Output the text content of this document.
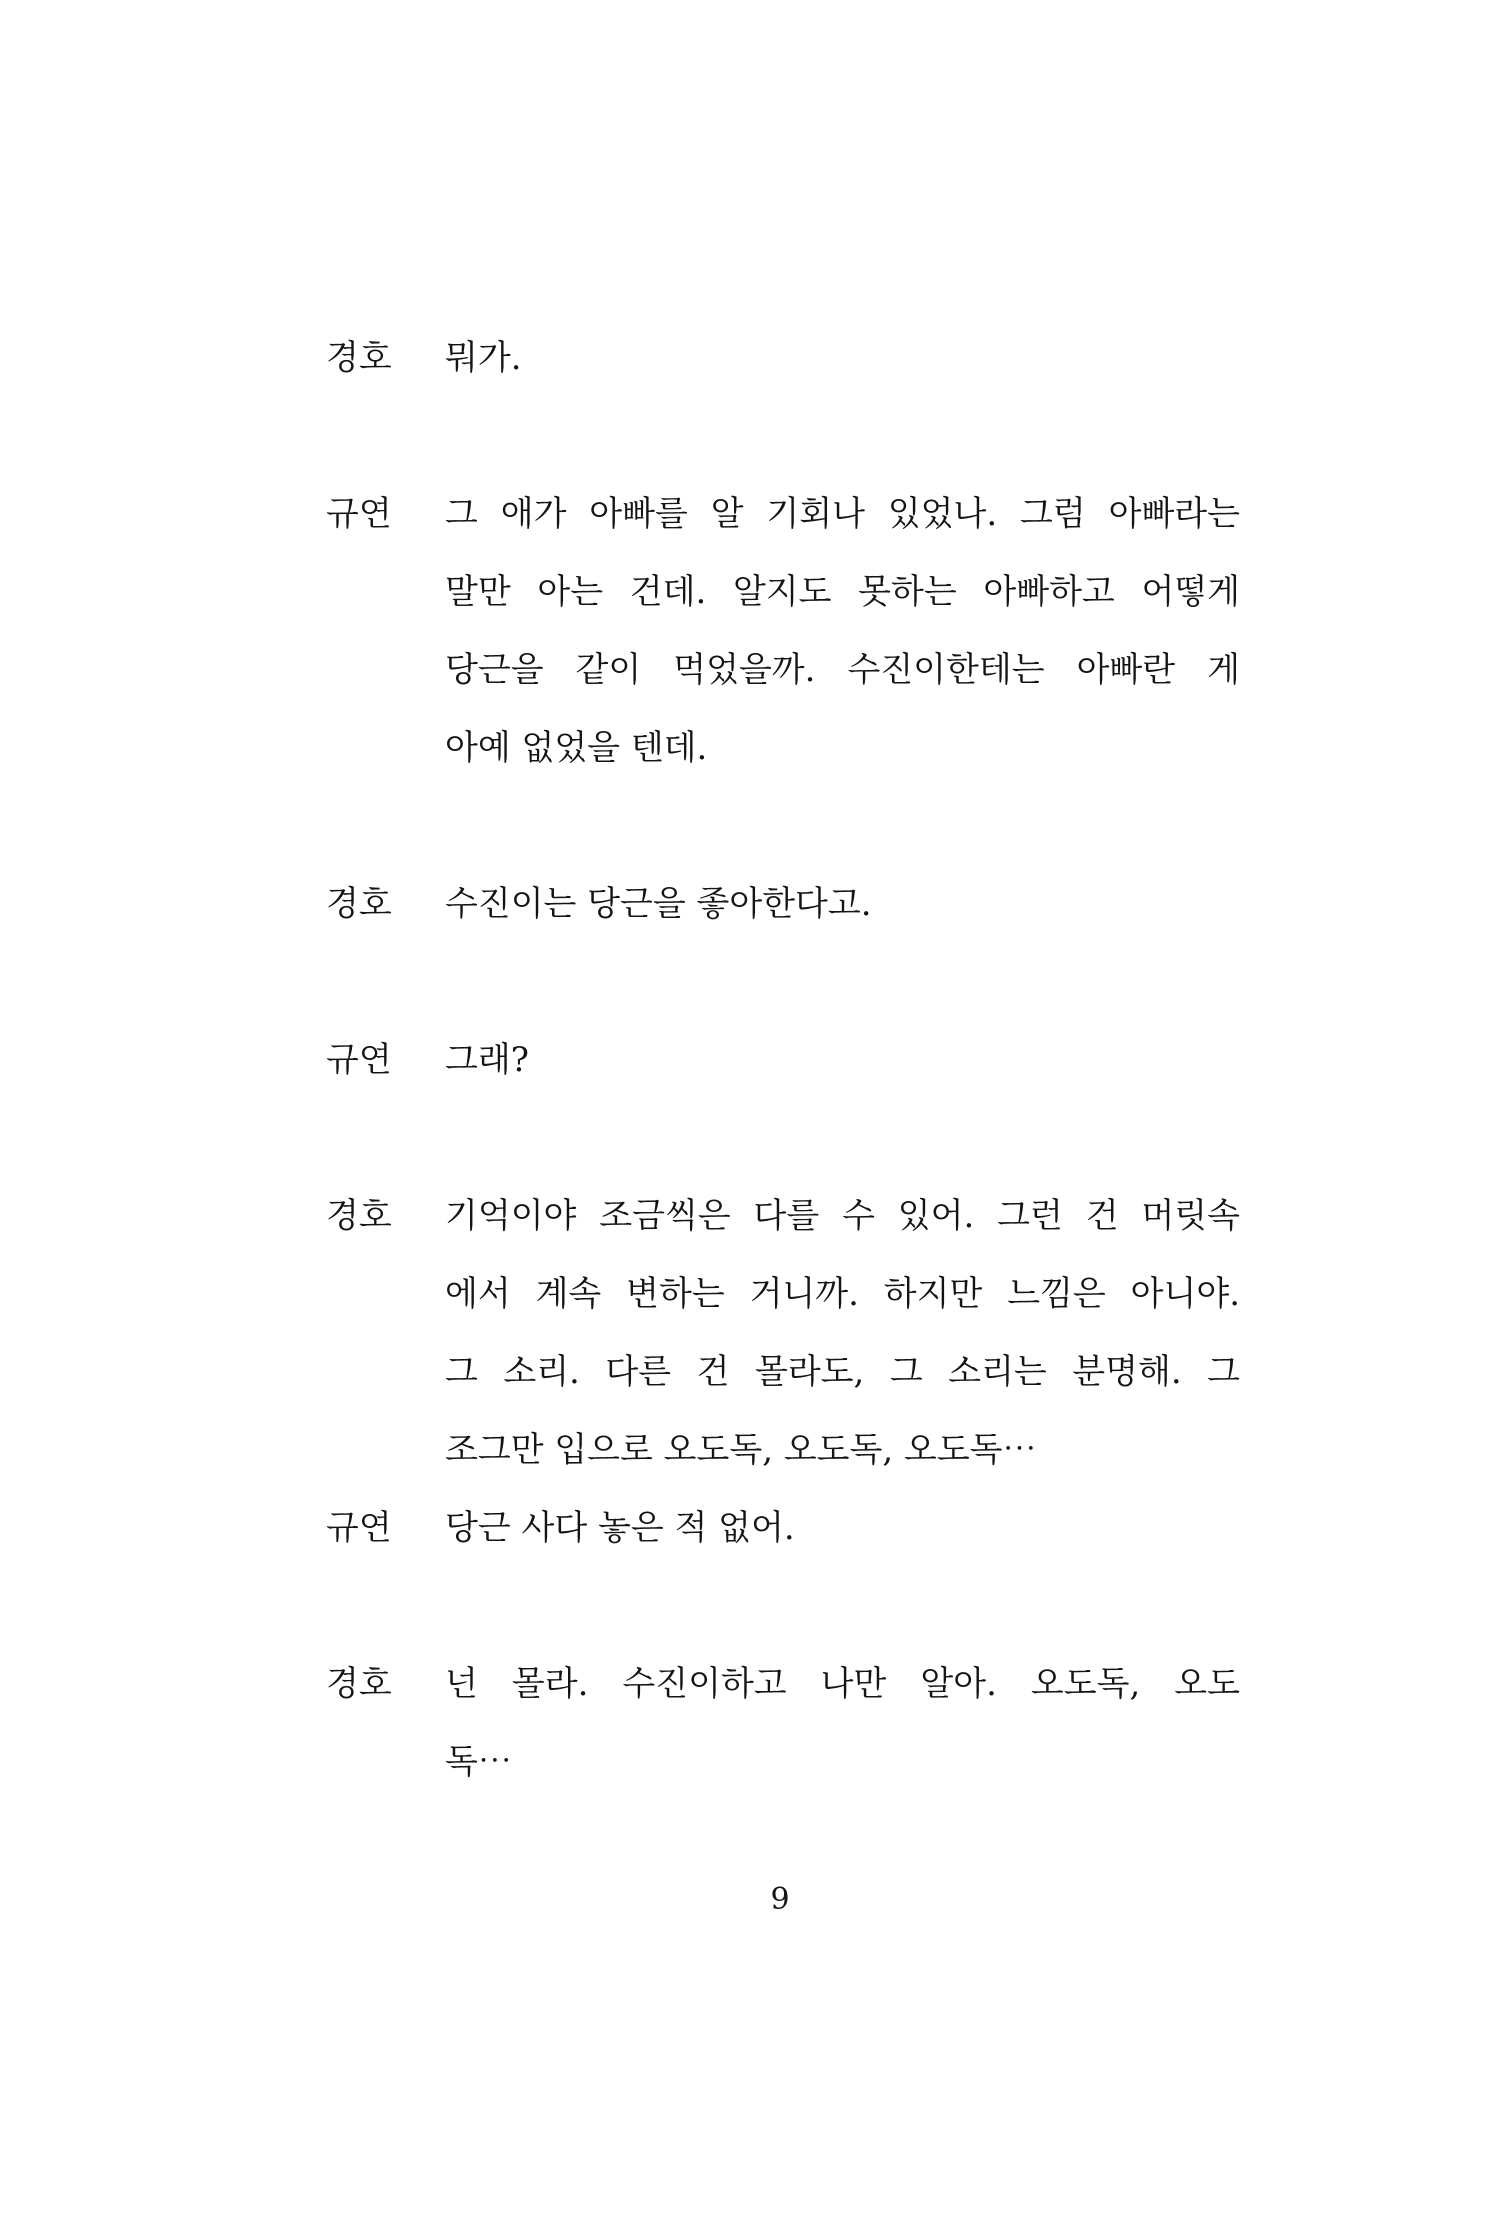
경호	뭐가.
규연	그 애가 아빠를 알 기회나 있었나. 그럼 아빠라는
말만 아는 건데. 알지도 못하는 아빠하고 어떻게
당근을 같이 먹었을까. 수진이한테는 아빠란 게
아예 없었을 텐데.
경호	수진이는 당근을 좋아한다고.
규연	그래?
경호	기억이야 조금씩은 다를 수 있어. 그런 건 머릿속
에서 계속 변하는 거니까. 하지만 느낌은 아니야.
그 소리. 다른 건 몰라도, 그 소리는 분명해. 그
조그만 입으로 오도독, 오도독, 오도독⋯
규연	당근 사다 놓은 적 없어.
경호	넌 몰라. 수진이하고 나만 알아. 오도독, 오도
독⋯
9
